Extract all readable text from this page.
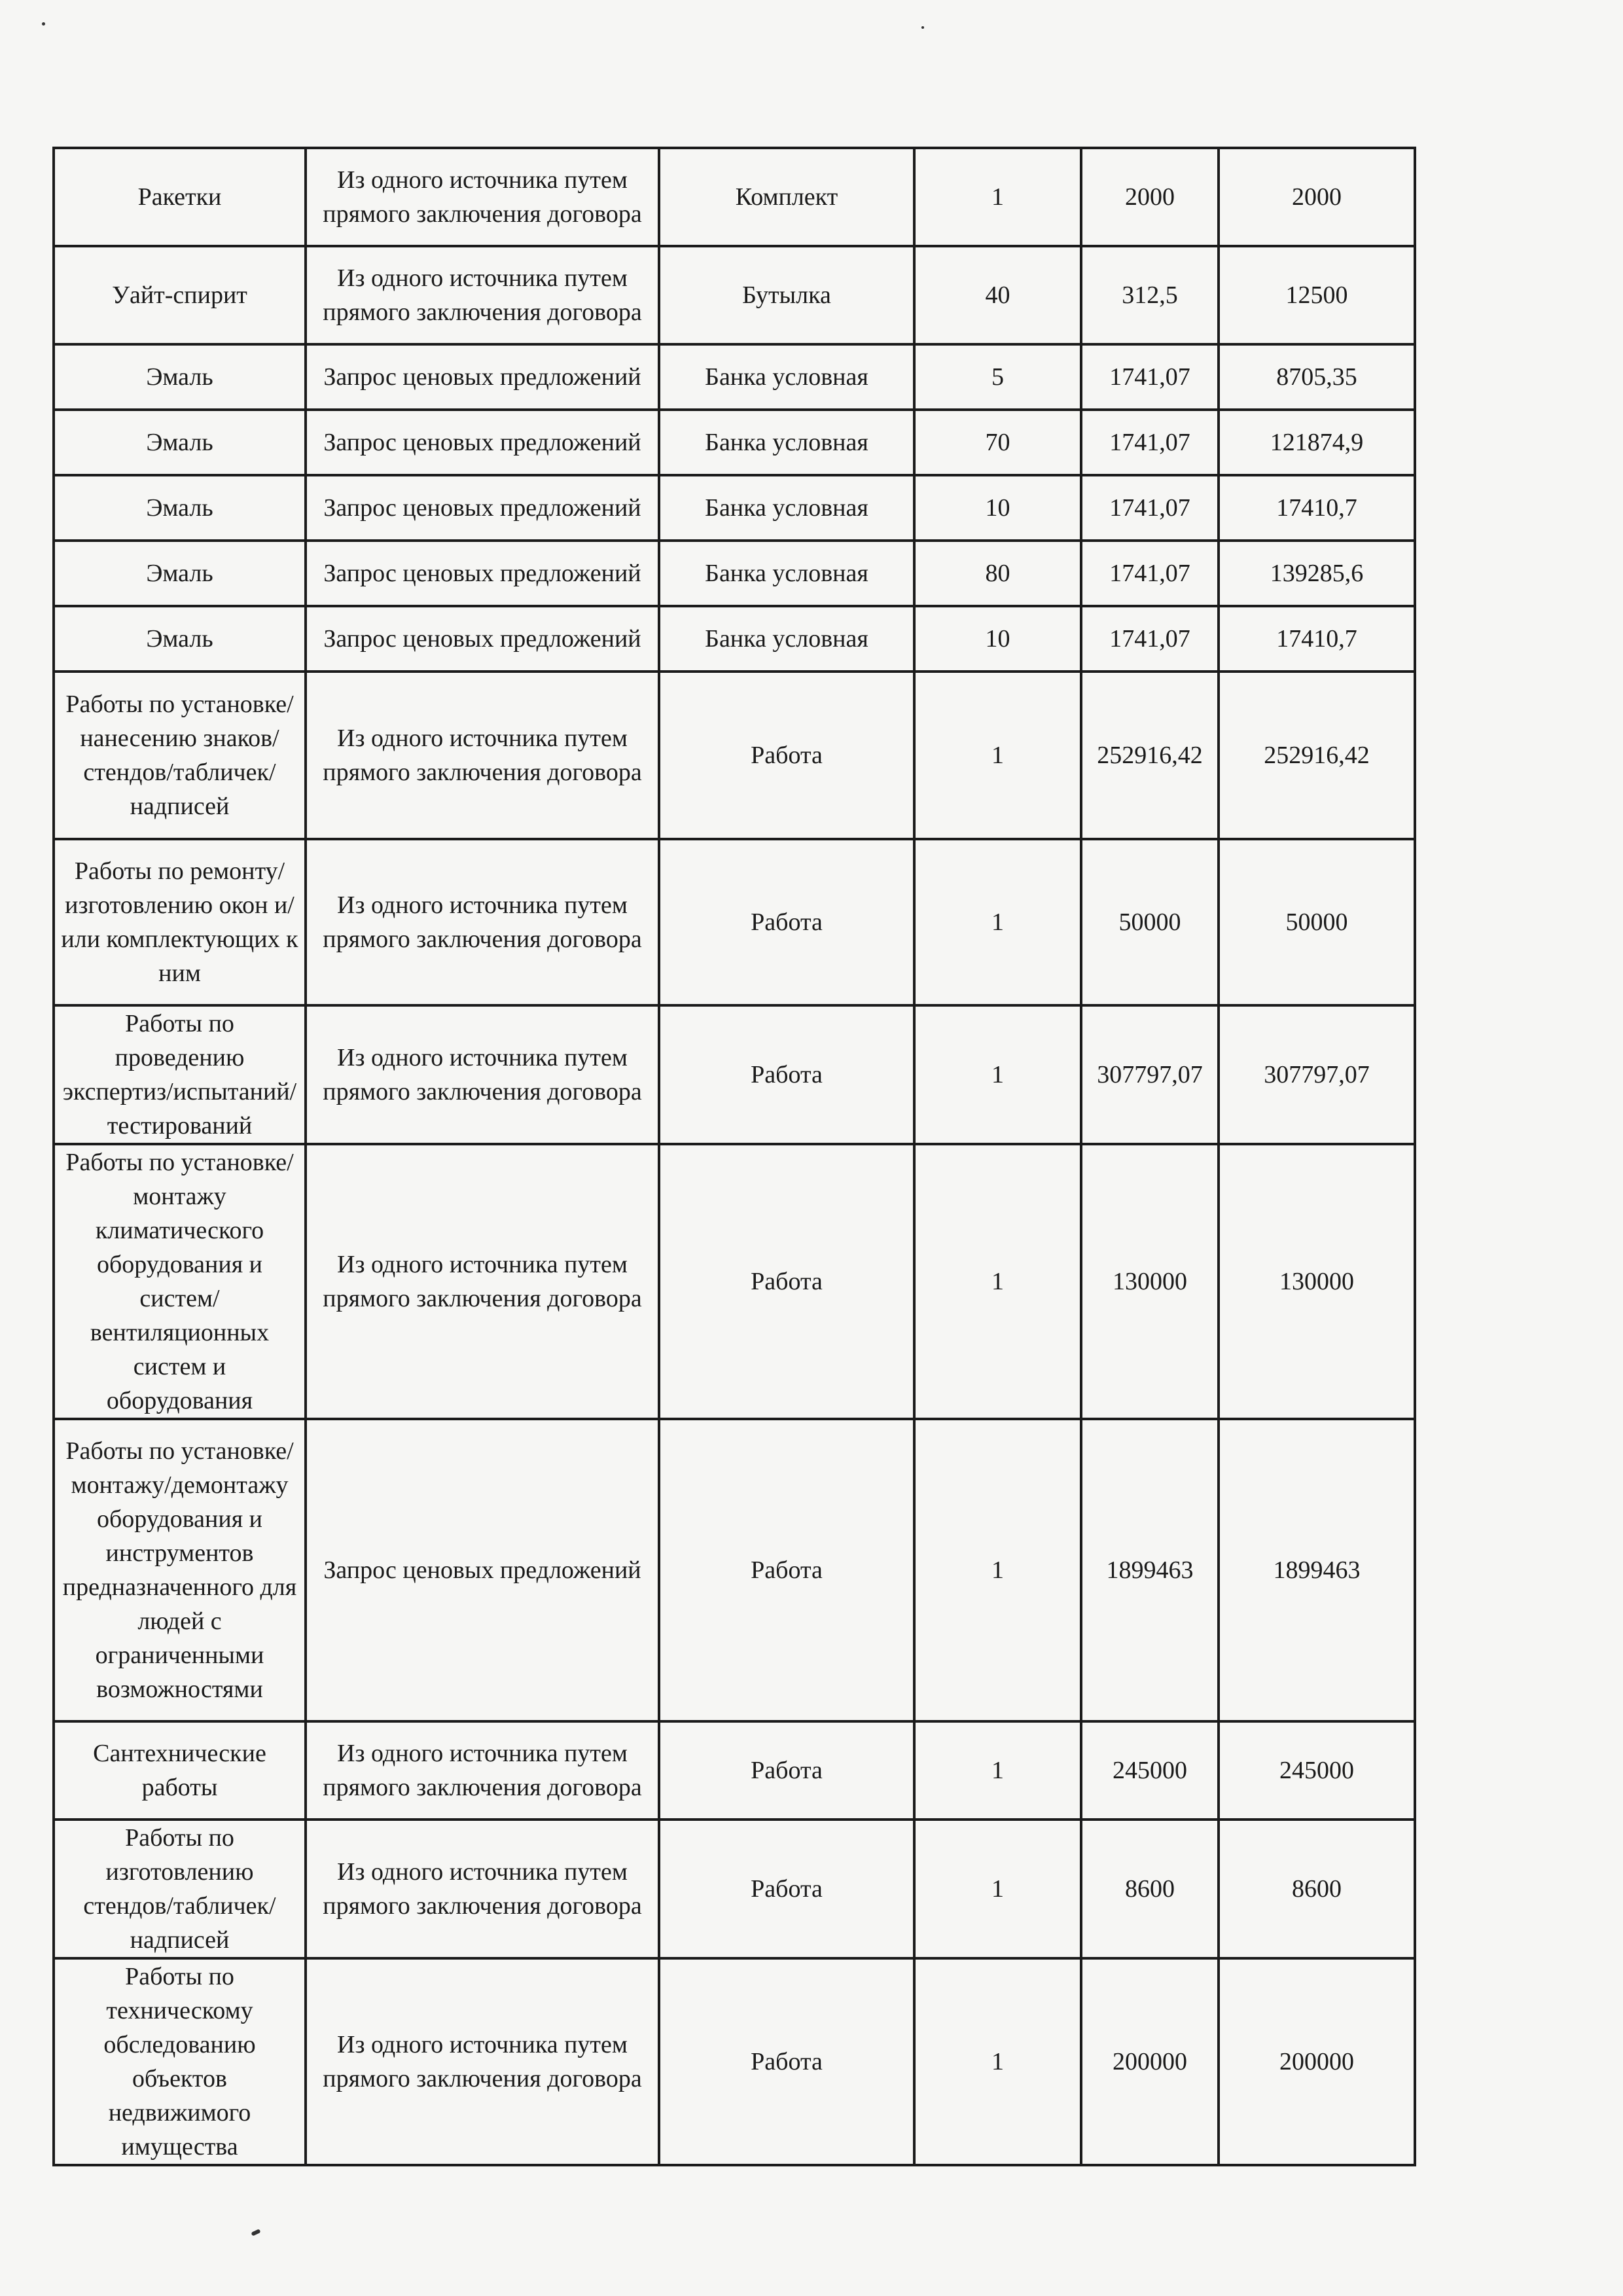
Ракетки	Из одного источника путем прямого заключения договора	Комплект	1	2000	2000
Уайт-спирит	Из одного источника путем прямого заключения договора	Бутылка	40	312,5	12500
Эмаль	Запрос ценовых предложений	Банка условная	5	1741,07	8705,35
Эмаль	Запрос ценовых предложений	Банка условная	70	1741,07	121874,9
Эмаль	Запрос ценовых предложений	Банка условная	10	1741,07	17410,7
Эмаль	Запрос ценовых предложений	Банка условная	80	1741,07	139285,6
Эмаль	Запрос ценовых предложений	Банка условная	10	1741,07	17410,7
Работы по установке/нанесению знаков/стендов/табличек/надписей	Из одного источника путем прямого заключения договора	Работа	1	252916,42	252916,42
Работы по ремонту/изготовлению окон и/или комплектующих к ним	Из одного источника путем прямого заключения договора	Работа	1	50000	50000
Работы по проведению экспертиз/испытаний/тестирований	Из одного источника путем прямого заключения договора	Работа	1	307797,07	307797,07
Работы по установке/монтажу климатического оборудования и систем/вентиляционных систем и оборудования	Из одного источника путем прямого заключения договора	Работа	1	130000	130000
Работы по установке/монтажу/демонтажу оборудования и инструментов предназначенного для людей с ограниченными возможностями	Запрос ценовых предложений	Работа	1	1899463	1899463
Сантехнические работы	Из одного источника путем прямого заключения договора	Работа	1	245000	245000
Работы по изготовлению стендов/табличек/надписей	Из одного источника путем прямого заключения договора	Работа	1	8600	8600
Работы по техническому обследованию объектов недвижимого имущества	Из одного источника путем прямого заключения договора	Работа	1	200000	200000
